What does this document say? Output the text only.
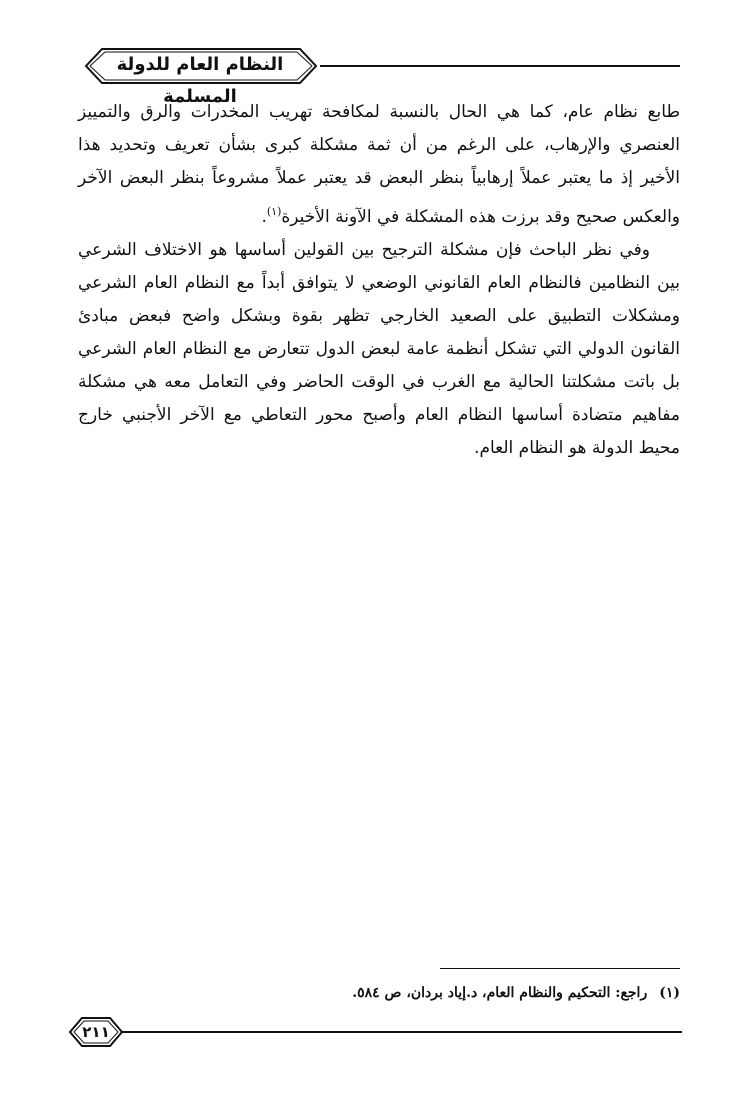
النظام العام للدولة المسلمة

طابع نظام عام، كما هي الحال بالنسبة لمكافحة تهريب المخدرات والرق والتمييز العنصري والإرهاب، على الرغم من أن ثمة مشكلة كبرى بشأن تعريف وتحديد هذا الأخير إذ ما يعتبر عملاً إرهابياً بنظر البعض قد يعتبر عملاً مشروعاً بنظر البعض الآخر والعكس صحيح وقد برزت هذه المشكلة في الآونة الأخيرة$^{(١)}$.

وفي نظر الباحث فإن مشكلة الترجيح بين القولين أساسها هو الاختلاف الشرعي بين النظامين فالنظام العام القانوني الوضعي لا يتوافق أبداً مع النظام العام الشرعي ومشكلات التطبيق على الصعيد الخارجي تظهر بقوة وبشكل واضح فبعض مبادئ القانون الدولي التي تشكل أنظمة عامة لبعض الدول تتعارض مع النظام العام الشرعي بل باتت مشكلتنا الحالية مع الغرب في الوقت الحاضر وفي التعامل معه هي مشكلة مفاهيم متضادة أساسها النظام العام وأصبح محور التعاطي مع الآخر الأجنبي خارج محيط الدولة هو النظام العام.

(١)راجع: التحكيم والنظام العام، د.إياد بردان، ص ٥٨٤.
٢١١
